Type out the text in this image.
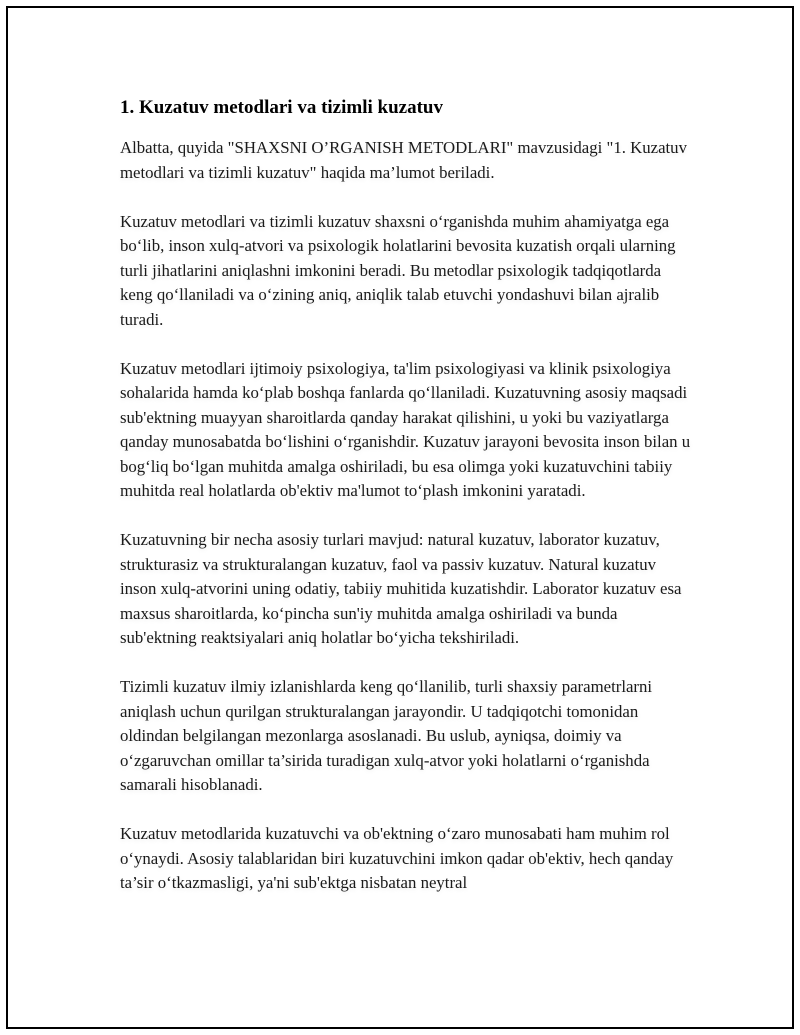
1. Kuzatuv metodlari va tizimli kuzatuv

Albatta, quyida "SHAXSNI O’RGANISH METODLARI" mavzusidagi "1. Kuzatuv metodlari va tizimli kuzatuv" haqida ma’lumot beriladi.

Kuzatuv metodlari va tizimli kuzatuv shaxsni o‘rganishda muhim ahamiyatga ega bo‘lib, inson xulq-atvori va psixologik holatlarini bevosita kuzatish orqali ularning turli jihatlarini aniqlashni imkonini beradi. Bu metodlar psixologik tadqiqotlarda keng qo‘llaniladi va o‘zining aniq, aniqlik talab etuvchi yondashuvi bilan ajralib turadi.

Kuzatuv metodlari ijtimoiy psixologiya, ta'lim psixologiyasi va klinik psixologiya sohalarida hamda ko‘plab boshqa fanlarda qo‘llaniladi. Kuzatuvning asosiy maqsadi sub'ektning muayyan sharoitlarda qanday harakat qilishini, u yoki bu vaziyatlarga qanday munosabatda bo‘lishini o‘rganishdir. Kuzatuv jarayoni bevosita inson bilan u bog‘liq bo‘lgan muhitda amalga oshiriladi, bu esa olimga yoki kuzatuvchini tabiiy muhitda real holatlarda ob'ektiv ma'lumot to‘plash imkonini yaratadi.

Kuzatuvning bir necha asosiy turlari mavjud: natural kuzatuv, laborator kuzatuv, strukturasiz va strukturalangan kuzatuv, faol va passiv kuzatuv. Natural kuzatuv inson xulq-atvorini uning odatiy, tabiiy muhitida kuzatishdir. Laborator kuzatuv esa maxsus sharoitlarda, ko‘pincha sun'iy muhitda amalga oshiriladi va bunda sub'ektning reaktsiyalari aniq holatlar bo‘yicha tekshiriladi.

Tizimli kuzatuv ilmiy izlanishlarda keng qo‘llanilib, turli shaxsiy parametrlarni aniqlash uchun qurilgan strukturalangan jarayondir. U tadqiqotchi tomonidan oldindan belgilangan mezonlarga asoslanadi. Bu uslub, ayniqsa, doimiy va o‘zgaruvchan omillar ta’sirida turadigan xulq-atvor yoki holatlarni o‘rganishda samarali hisoblanadi.

Kuzatuv metodlarida kuzatuvchi va ob'ektning o‘zaro munosabati ham muhim rol o‘ynaydi. Asosiy talablaridan biri kuzatuvchini imkon qadar ob'ektiv, hech qanday ta’sir o‘tkazmasligi, ya'ni sub'ektga nisbatan neytral
